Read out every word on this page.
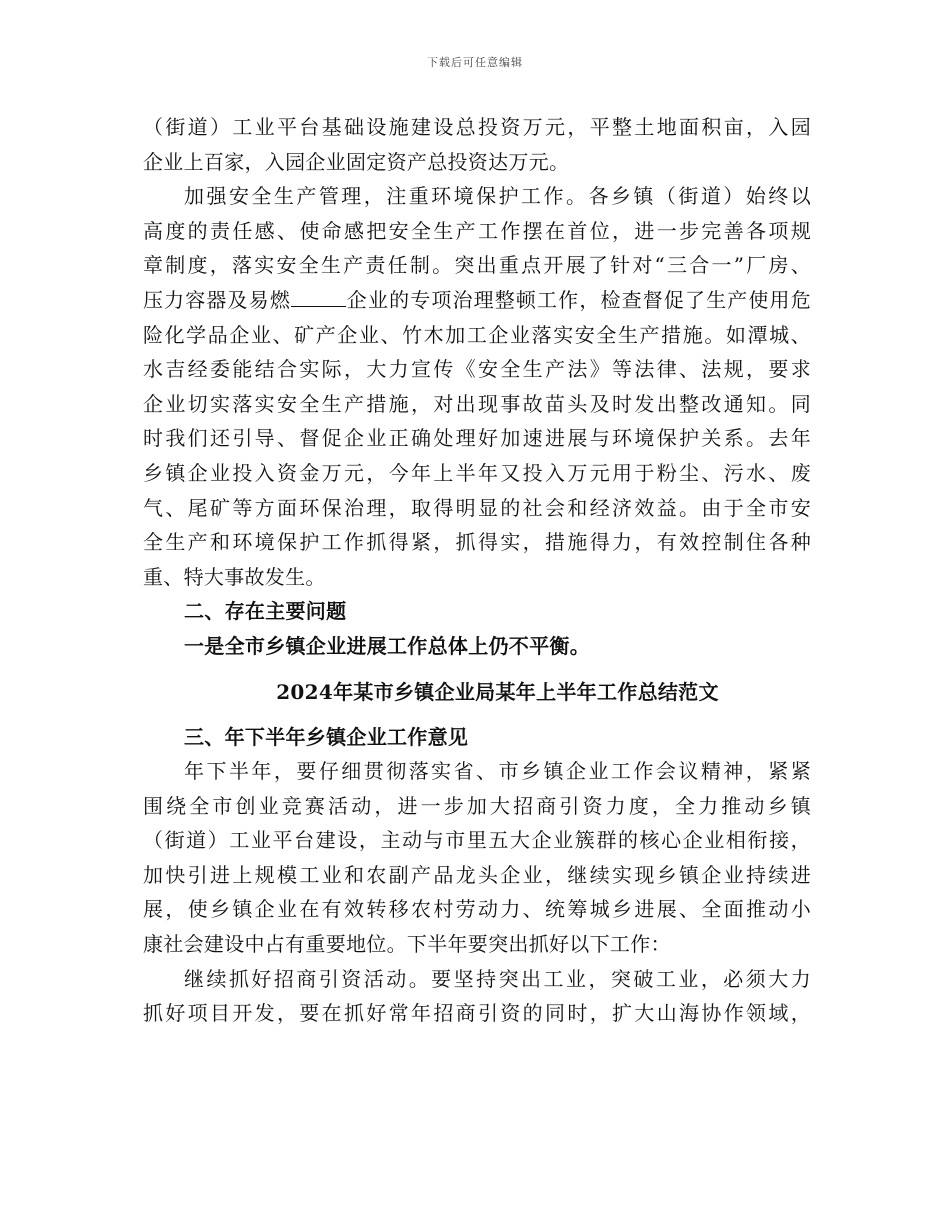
下载后可任意编辑
（街道）工业平台基础设施建设总投资万元，平整土地面积亩，入园
企业上百家，入园企业固定资产总投资达万元。
加强安全生产管理，注重环境保护工作。各乡镇（街道）始终以
高度的责任感、使命感把安全生产工作摆在首位，进一步完善各项规
章制度，落实安全生产责任制。突出重点开展了针对“三合一”厂房、
压力容器及易燃	企业的专项治理整顿工作，检查督促了生产使用危
险化学品企业、矿产企业、竹木加工企业落实安全生产措施。如潭城、
水吉经委能结合实际，大力宣传《安全生产法》等法律、法规，要求
企业切实落实安全生产措施，对出现事故苗头及时发出整改通知。同
时我们还引导、督促企业正确处理好加速进展与环境保护关系。去年
乡镇企业投入资金万元，今年上半年又投入万元用于粉尘、污水、废
气、尾矿等方面环保治理，取得明显的社会和经济效益。由于全市安
全生产和环境保护工作抓得紧，抓得实，措施得力，有效控制住各种
重、特大事故发生。
二、存在主要问题
一是全市乡镇企业进展工作总体上仍不平衡。
2024年某市乡镇企业局某年上半年工作总结范文
三、年下半年乡镇企业工作意见
年下半年，要仔细贯彻落实省、市乡镇企业工作会议精神，紧紧
围绕全市创业竞赛活动，进一步加大招商引资力度，全力推动乡镇
（街道）工业平台建设，主动与市里五大企业簇群的核心企业相衔接，
加快引进上规模工业和农副产品龙头企业，继续实现乡镇企业持续进
展，使乡镇企业在有效转移农村劳动力、统筹城乡进展、全面推动小
康社会建设中占有重要地位。下半年要突出抓好以下工作：
继续抓好招商引资活动。要坚持突出工业，突破工业，必须大力
抓好项目开发，要在抓好常年招商引资的同时，扩大山海协作领域，
